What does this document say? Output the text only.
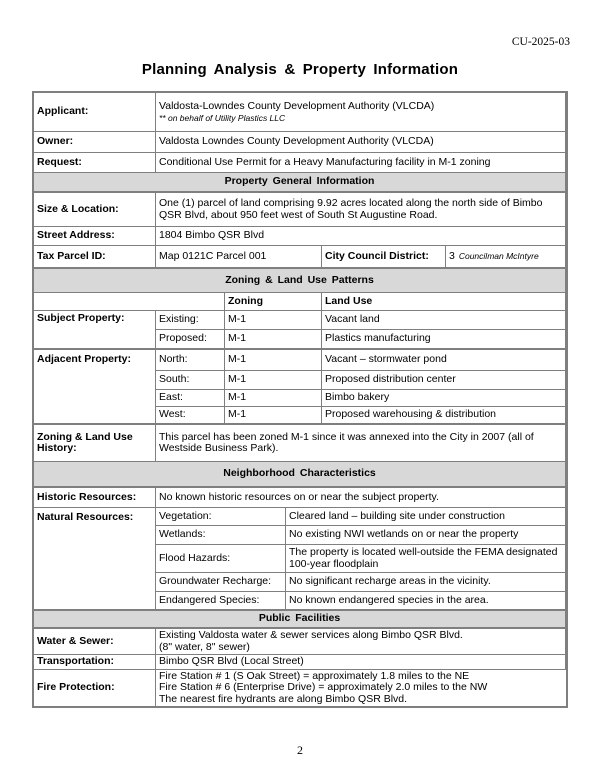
CU-2025-03
Planning Analysis & Property Information
Applicant:	Valdosta-Lowndes County Development Authority (VLCDA)
** on behalf of Utility Plastics LLC
Owner:	Valdosta Lowndes County Development Authority (VLCDA)
Request:	Conditional Use Permit for a Heavy Manufacturing facility in M-1 zoning
Property General Information
Size & Location:	One (1) parcel of land comprising 9.92 acres located along the north side of Bimbo QSR Blvd, about 950 feet west of South St Augustine Road.
Street Address:	1804 Bimbo QSR Blvd
Tax Parcel ID:	Map 0121C Parcel 001	City Council District:	3 Councilman McIntyre
Zoning & Land Use Patterns
Zoning	Land Use
Subject Property:	Existing:	M-1	Vacant land
Proposed:	M-1	Plastics manufacturing
Adjacent Property:	North:	M-1	Vacant – stormwater pond
South:	M-1	Proposed distribution center
East:	M-1	Bimbo bakery
West:	M-1	Proposed warehousing & distribution
Zoning & Land Use History:
This parcel has been zoned M-1 since it was annexed into the City in 2007 (all of Westside Business Park).
Neighborhood Characteristics
Historic Resources:	No known historic resources on or near the subject property.
Natural Resources:	Vegetation:	Cleared land – building site under construction
Wetlands:	No existing NWI wetlands on or near the property
Flood Hazards:	The property is located well-outside the FEMA designated 100-year floodplain
Groundwater Recharge:	No significant recharge areas in the vicinity.
Endangered Species:	No known endangered species in the area.
Public Facilities
Water & Sewer:	Existing Valdosta water & sewer services along Bimbo QSR Blvd.
(8" water, 8" sewer)
Transportation:	Bimbo QSR Blvd (Local Street)
Fire Protection:
Fire Station # 1 (S Oak Street) = approximately 1.8 miles to the NE
Fire Station # 6 (Enterprise Drive) = approximately 2.0 miles to the NW
The nearest fire hydrants are along Bimbo QSR Blvd.
2
